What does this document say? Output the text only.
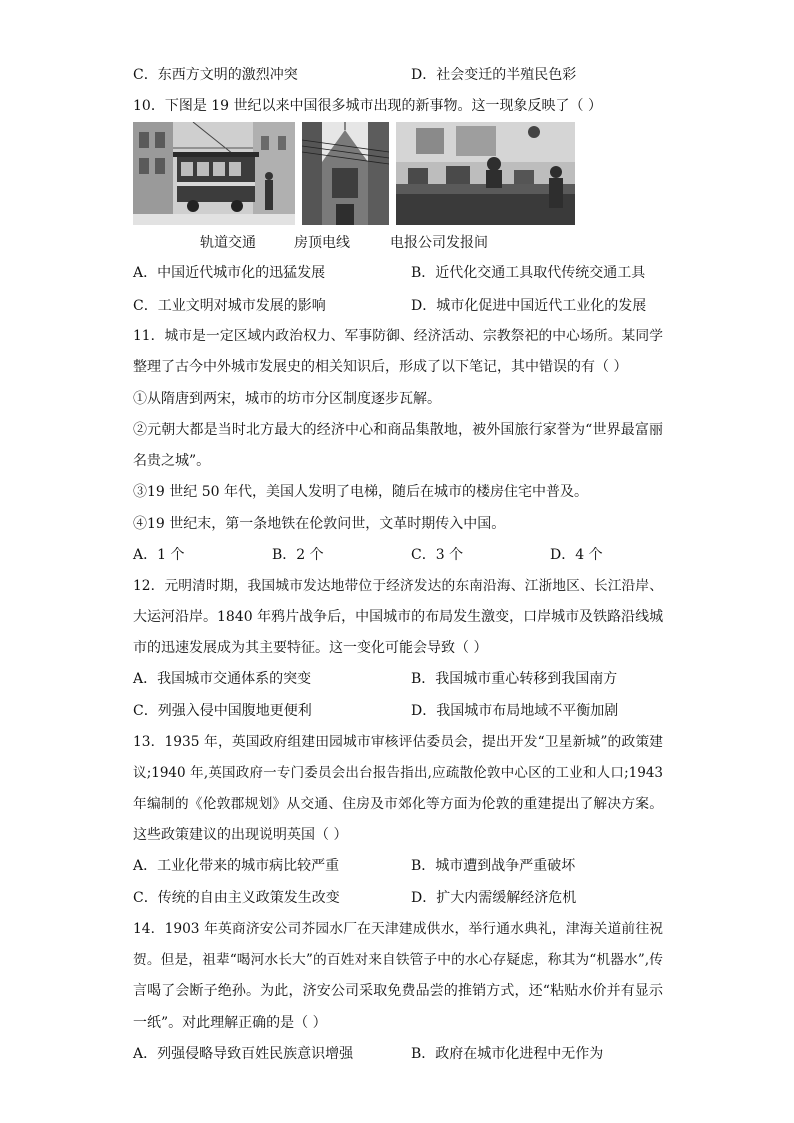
C．东西方文明的激烈冲突	D．社会变迁的半殖民色彩
10．下图是 19 世纪以来中国很多城市出现的新事物。这一现象反映了（ ）
轨道交通	房顶电线	电报公司发报间
A．中国近代城市化的迅猛发展	B．近代化交通工具取代传统交通工具
C．工业文明对城市发展的影响	D．城市化促进中国近代工业化的发展
11．城市是一定区域内政治权力、军事防御、经济活动、宗教祭祀的中心场所。某同学
整理了古今中外城市发展史的相关知识后，形成了以下笔记，其中错误的有（ ）
①从隋唐到两宋，城市的坊市分区制度逐步瓦解。
②元朝大都是当时北方最大的经济中心和商品集散地，被外国旅行家誉为“世界最富丽
名贵之城”。
③19 世纪 50 年代，美国人发明了电梯，随后在城市的楼房住宅中普及。
④19 世纪末，第一条地铁在伦敦问世，文革时期传入中国。
A．1 个	B．2 个	C．3 个	D．4 个
12．元明清时期，我国城市发达地带位于经济发达的东南沿海、江浙地区、长江沿岸、
大运河沿岸。1840 年鸦片战争后，中国城市的布局发生激变，口岸城市及铁路沿线城
市的迅速发展成为其主要特征。这一变化可能会导致（ ）
A．我国城市交通体系的突变	B．我国城市重心转移到我国南方
C．列强入侵中国腹地更便利	D．我国城市布局地域不平衡加剧
13．1935 年，英国政府组建田园城市审核评估委员会，提出开发“卫星新城”的政策建
议;1940 年,英国政府一专门委员会出台报告指出,应疏散伦敦中心区的工业和人口;1943
年编制的《伦敦郡规划》从交通、住房及市郊化等方面为伦敦的重建提出了解决方案。
这些政策建议的出现说明英国（ ）
A．工业化带来的城市病比较严重	B．城市遭到战争严重破坏
C．传统的自由主义政策发生改变	D．扩大内需缓解经济危机
14．1903 年英商济安公司芥园水厂在天津建成供水，举行通水典礼，津海关道前往祝
贺。但是，祖辈“喝河水长大”的百姓对来自铁管子中的水心存疑虑，称其为“机器水”,传
言喝了会断子绝孙。为此，济安公司采取免费品尝的推销方式，还“粘贴水价并有显示
一纸”。对此理解正确的是（ ）
A．列强侵略导致百姓民族意识增强	B．政府在城市化进程中无作为
